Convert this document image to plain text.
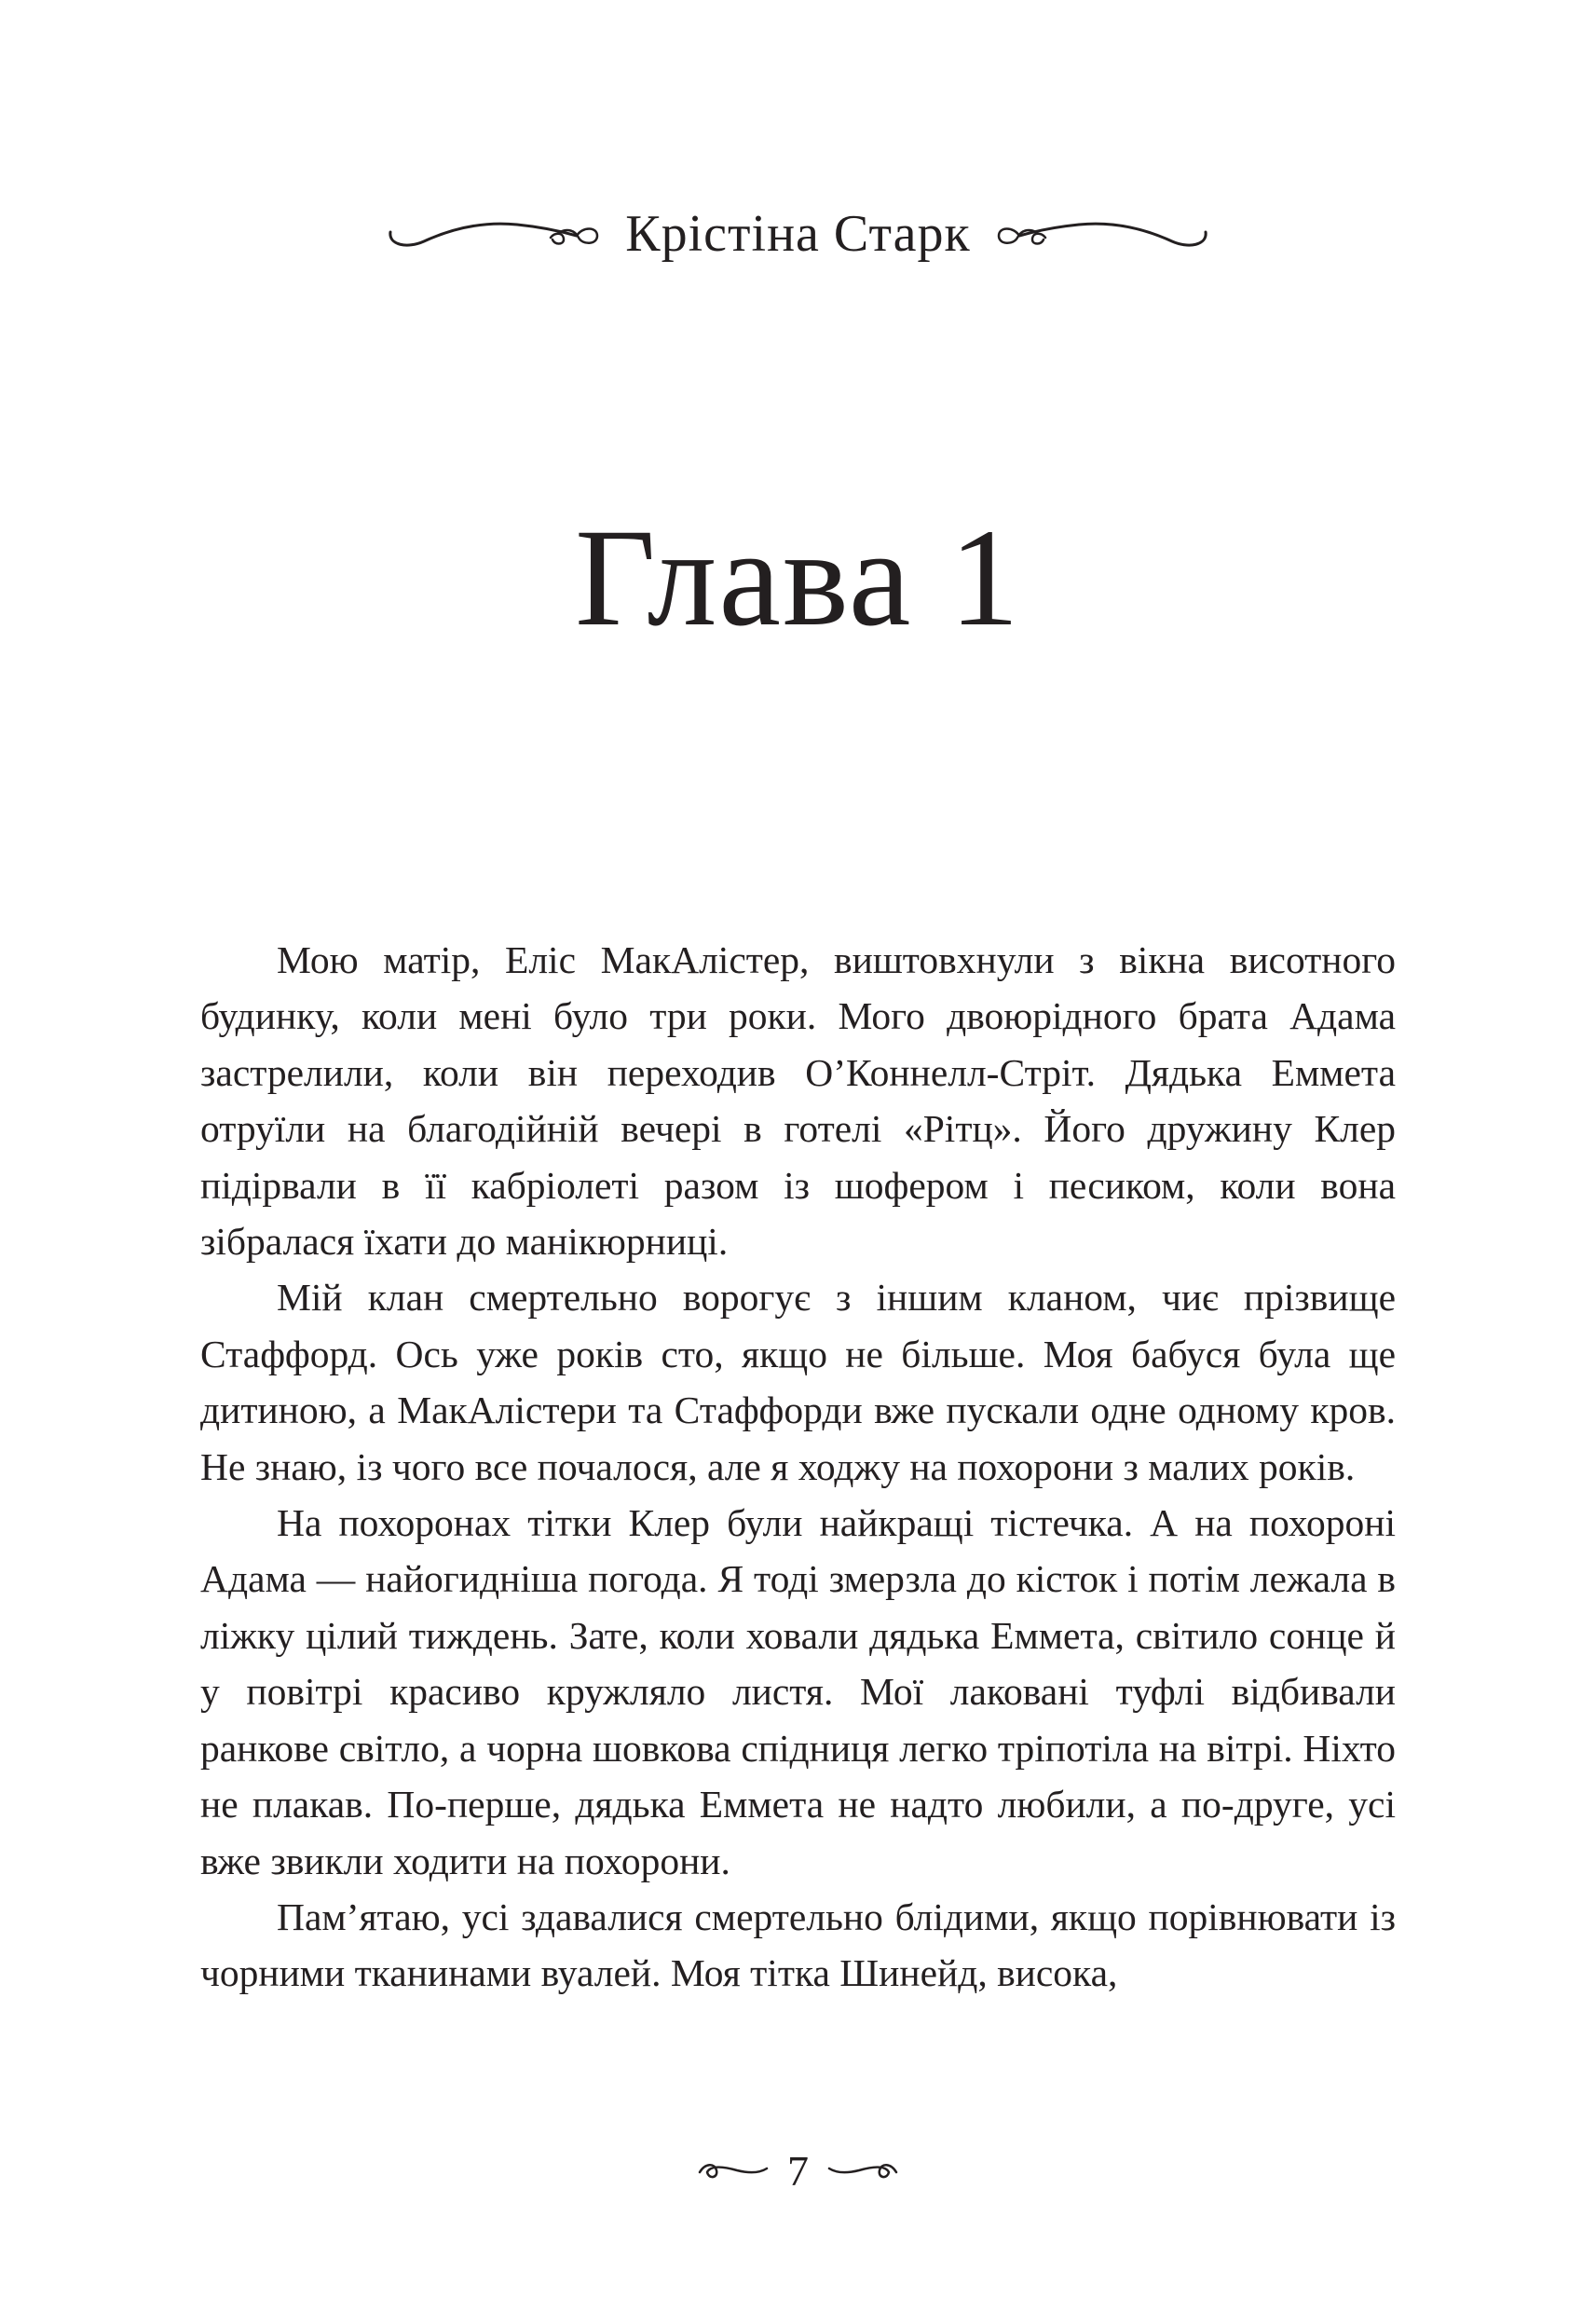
Крістіна Старк
Глава 1

Мою матір, Еліс МакАлістер, виштовхнули з вікна висотного будинку, коли мені було три роки. Мого двоюрідного брата Адама застрелили, коли він переходив О’Коннелл-Стріт. Дядька Еммета отруїли на благодійній вечері в готелі «Рітц». Його дружину Клер підірвали в її кабріолеті разом із шофером і песиком, коли вона зібралася їхати до манікюрниці.

Мій клан смертельно ворогує з іншим кланом, чиє прізвище Стаффорд. Ось уже років сто, якщо не більше. Моя бабуся була ще дитиною, а МакАлістери та Стаффорди вже пускали одне одному кров. Не знаю, із чого все почалося, але я ходжу на похорони з малих років.

На похоронах тітки Клер були найкращі тістечка. А на похороні Адама — найогидніша погода. Я тоді змерзла до кісток і потім лежала в ліжку цілий тиждень. Зате, коли ховали дядька Еммета, світило сонце й у повітрі красиво кружляло листя. Мої лаковані туфлі відбивали ранкове світло, а чорна шовкова спідниця легко тріпотіла на вітрі. Ніхто не плакав. По-перше, дядька Еммета не надто любили, а по-друге, усі вже звикли ходити на похорони.

Пам’ятаю, усі здавалися смертельно блідими, якщо порівнювати із чорними тканинами вуалей. Моя тітка Шинейд, висока,

7
